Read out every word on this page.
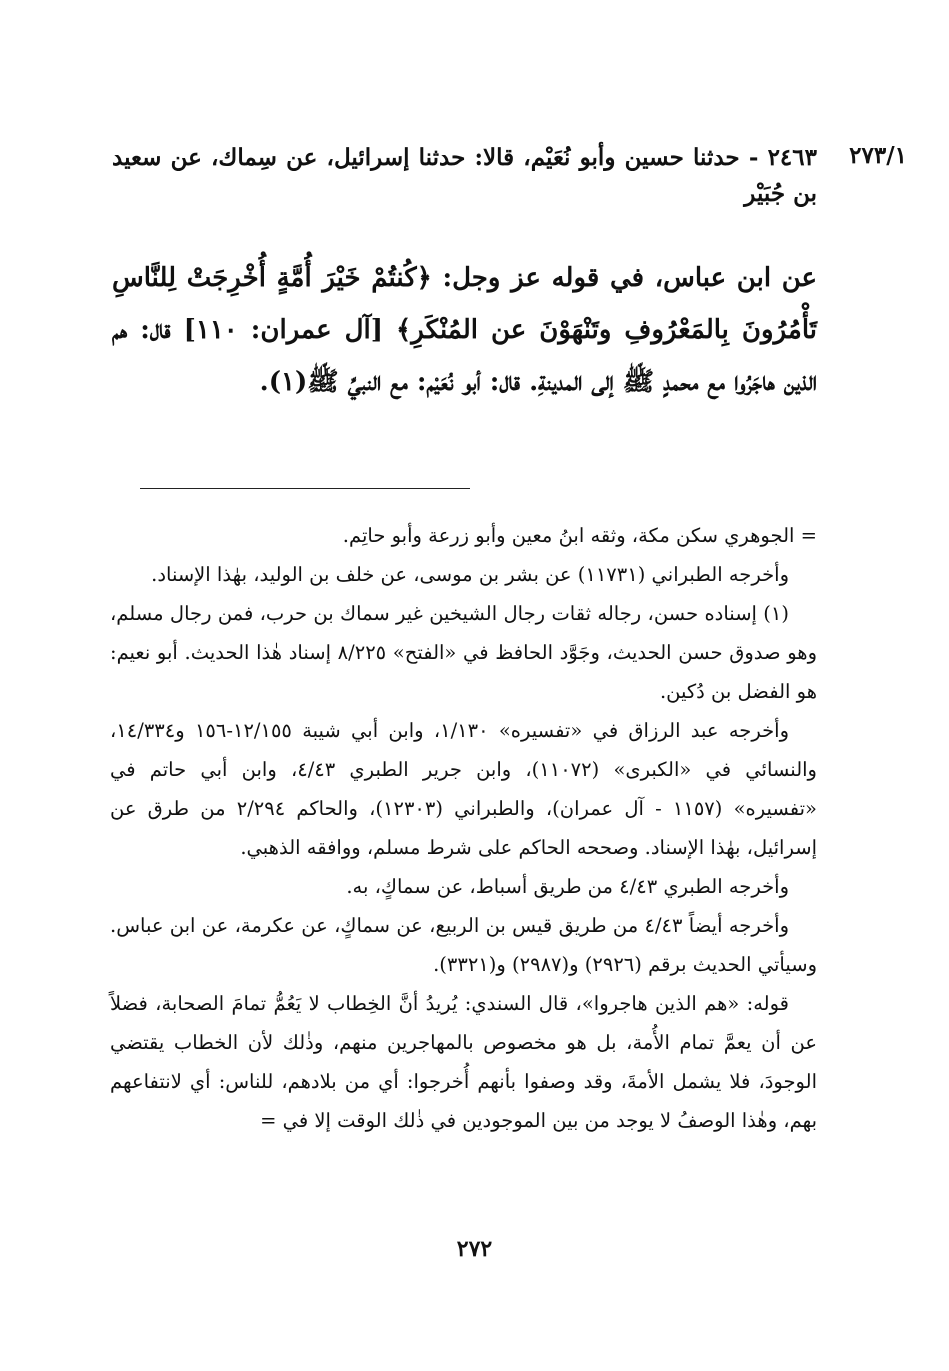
٢٧٣/١
٢٤٦٣ - حدثنا حسين وأبو نُعَيْم، قالا: حدثنا إسرائيل، عن سِماك، عن سعيد بن جُبَيْر
عن ابن عباس، في قوله عز وجل: ﴿كُنتُمْ خَيْرَ أُمَّةٍ أُخْرِجَتْ لِلنَّاسِ تَأْمُرُونَ بِالمَعْرُوفِ وتَنْهَوْنَ عن المُنْكَرِ﴾ [آل عمران: ١١٠] قال: هم الذين هاجَرُوا مع محمدٍ ﷺ إلى المدينةِ. قال: أبو نُعَيْم: مع النبيِّ ﷺ(١).

= الجوهري سكن مكة، وثقه ابنُ معين وأبو زرعة وأبو حاتِم.

وأخرجه الطبراني (١١٧٣١) عن بشر بن موسى، عن خلف بن الوليد، بهٰذا الإسناد.

(١) إسناده حسن، رجاله ثقات رجال الشيخين غير سماك بن حرب، فمن رجال مسلم، وهو صدوق حسن الحديث، وجَوَّد الحافظ في «الفتح» ٨/٢٢٥ إسناد هٰذا الحديث. أبو نعيم: هو الفضل بن دُكين.

وأخرجه عبد الرزاق في «تفسيره» ١/١٣٠، وابن أبي شيبة ١٢/١٥٥-١٥٦ و١٤/٣٣٤، والنسائي في «الكبرى» (١١٠٧٢)، وابن جرير الطبري ٤/٤٣، وابن أبي حاتم في «تفسيره» (١١٥٧ - آل عمران)، والطبراني (١٢٣٠٣)، والحاكم ٢/٢٩٤ من طرق عن إسرائيل، بهٰذا الإسناد. وصححه الحاكم على شرط مسلم، ووافقه الذهبي.

وأخرجه الطبري ٤/٤٣ من طريق أسباط، عن سماكٍ، به.

وأخرجه أيضاً ٤/٤٣ من طريق قيس بن الربيع، عن سماكٍ، عن عكرمة، عن ابن عباس. وسيأتي الحديث برقم (٢٩٢٦) و(٢٩٨٧) و(٣٣٢١).

قوله: «هم الذين هاجروا»، قال السندي: يُريدُ أنَّ الخِطاب لا يَعُمُّ تمامَ الصحابة، فضلاً عن أن يعمَّ تمام الأُمة، بل هو مخصوص بالمهاجرين منهم، وذٰلك لأن الخطاب يقتضي الوجودَ، فلا يشمل الأمةَ، وقد وصفوا بأنهم أُخرجوا: أي من بلادهم، للناس: أي لانتفاعهم بهم، وهٰذا الوصفُ لا يوجد من بين الموجودين في ذٰلك الوقت إلا في =

٢٧٢
